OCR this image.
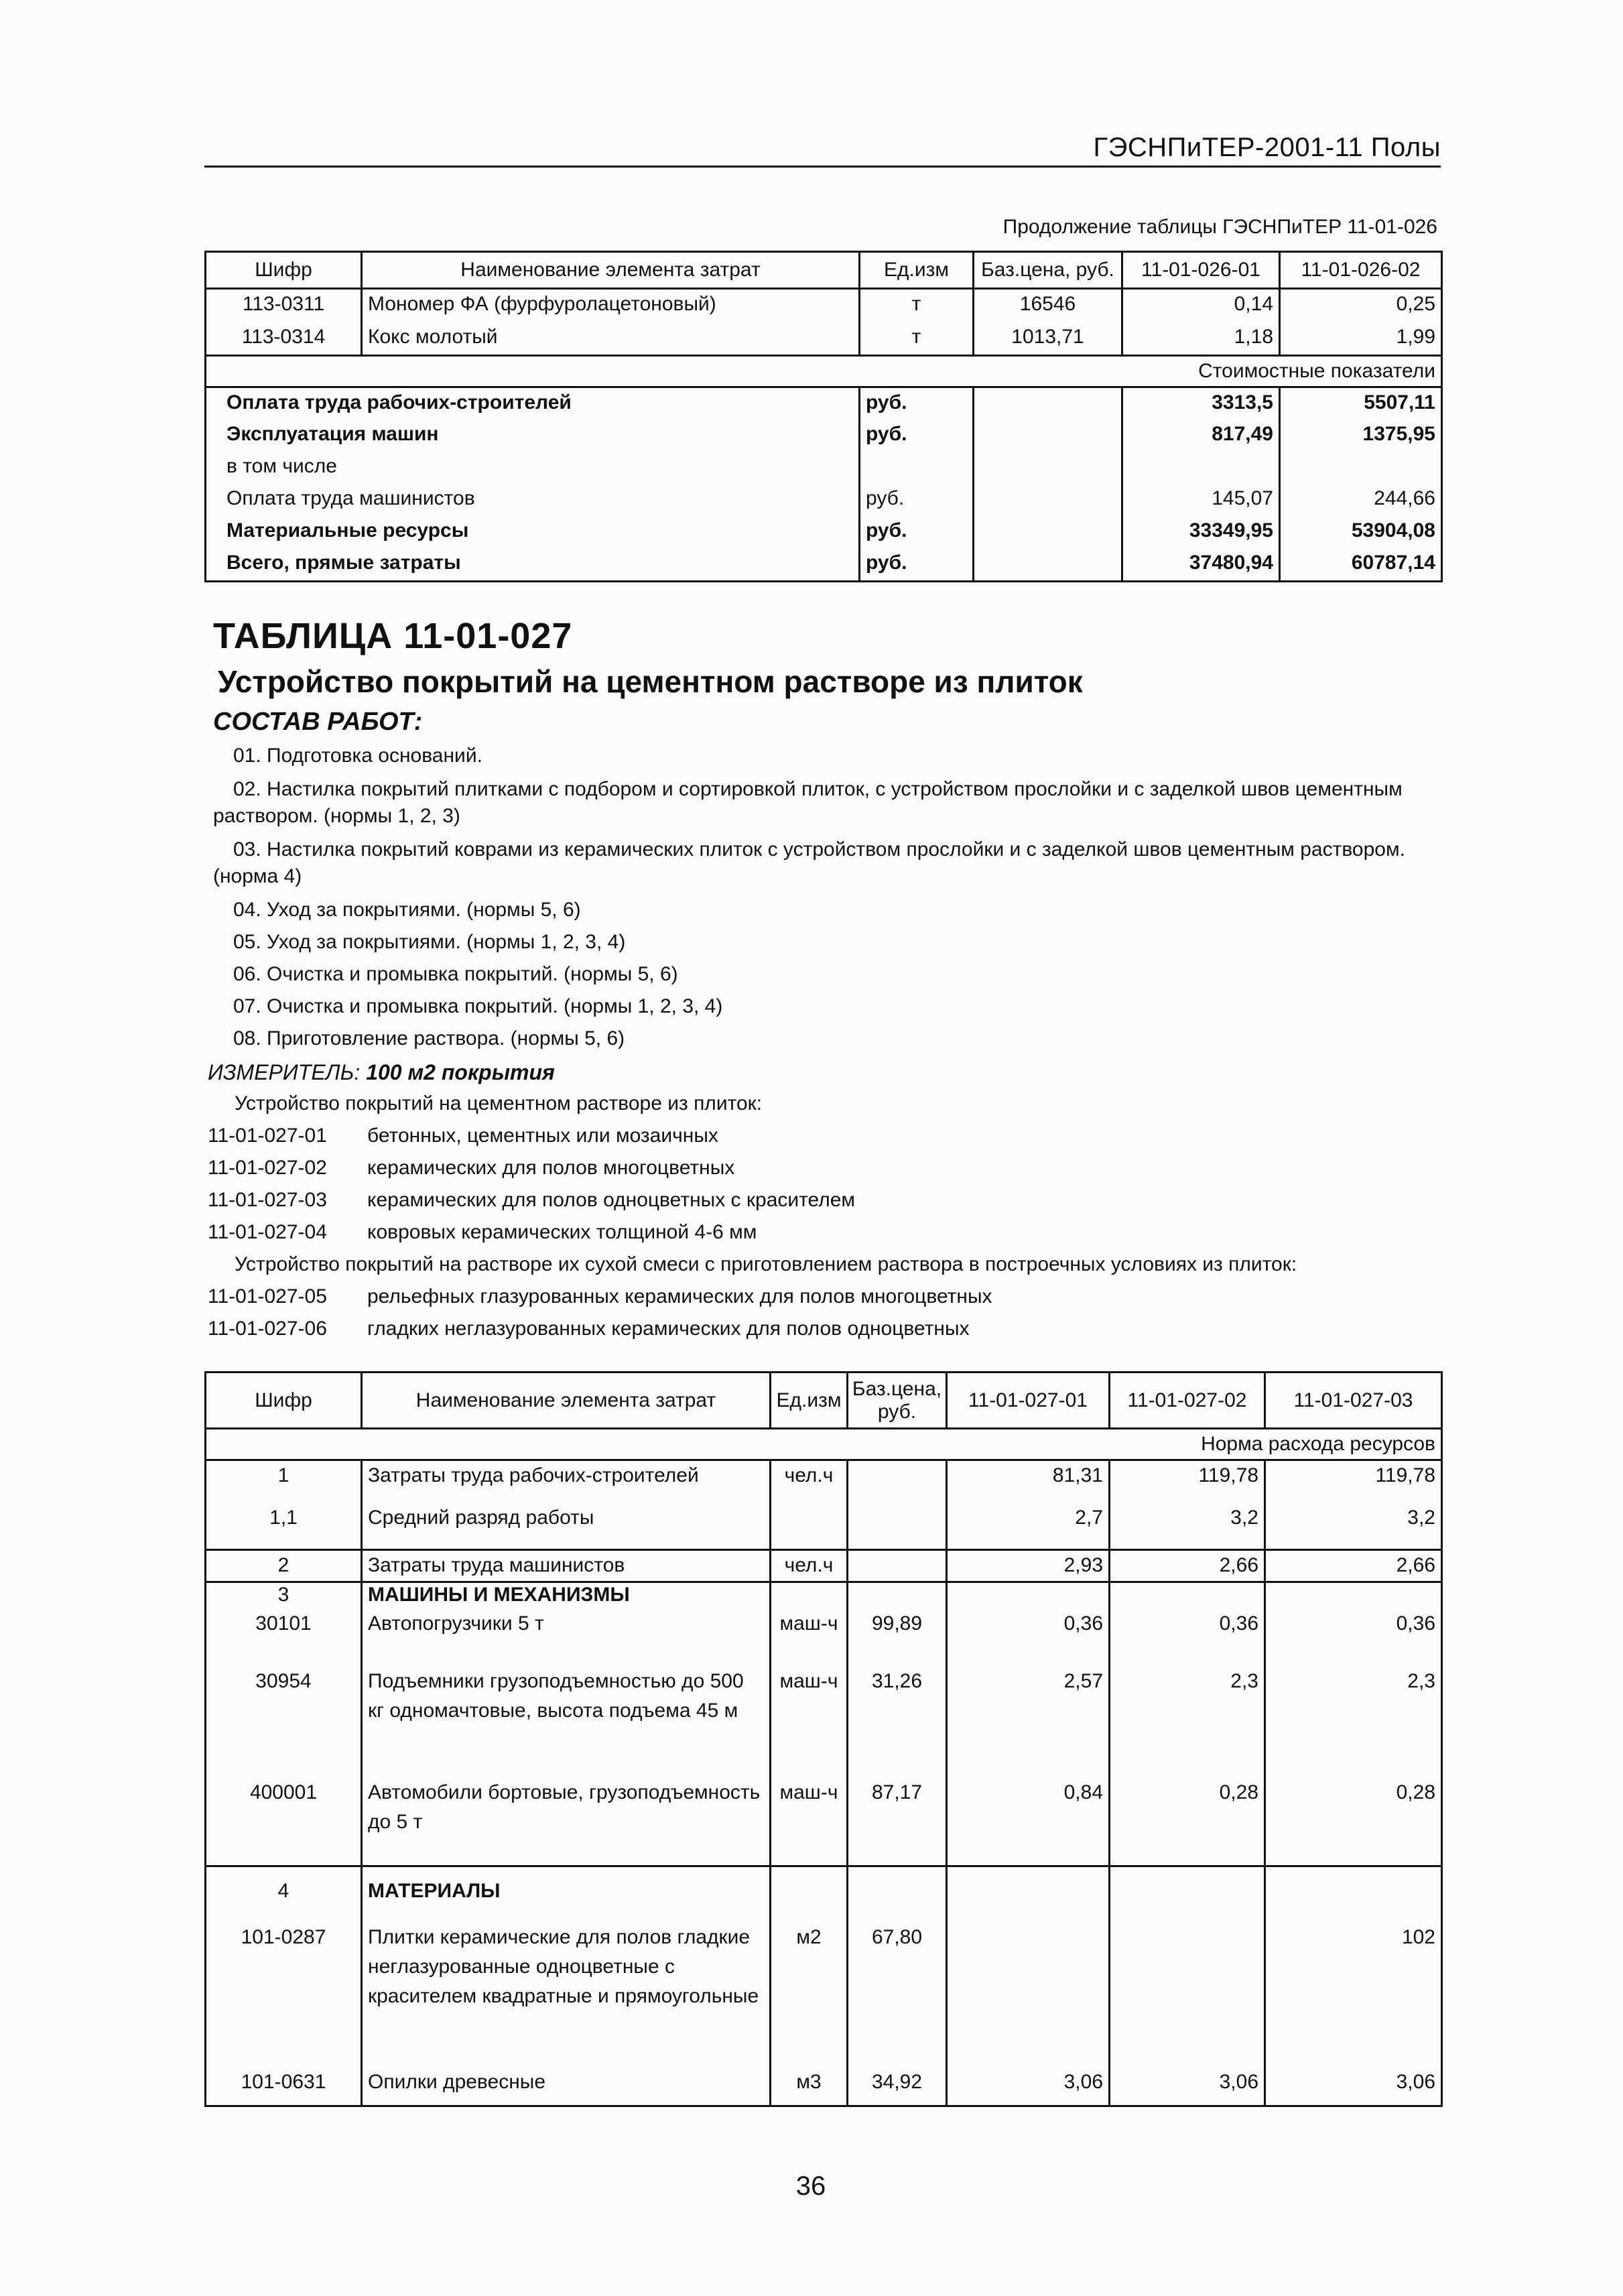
ГЭСНПиТЕР-2001-11 Полы
Продолжение таблицы ГЭСНПиТЕР 11-01-026
Шифр	Наименование элемента затрат	Ед.изм	Баз.цена, руб.	11-01-026-01	11-01-026-02
113-0311	Мономер ФА (фурфуролацетоновый)	т	16546	0,14	0,25
113-0314	Кокс молотый	т	1013,71	1,18	1,99
Стоимостные показатели					
Оплата труда рабочих-строителей		руб.		3313,5	5507,11
Эксплуатация машин		руб.		817,49	1375,95
в том числе					
Оплата труда машинистов		руб.		145,07	244,66
Материальные ресурсы		руб.		33349,95	53904,08
Всего, прямые затраты		руб.		37480,94	60787,14
ТАБЛИЦА 11-01-027
Устройство покрытий на цементном растворе из плиток
СОСТАВ РАБОТ:
01. Подготовка оснований.
02. Настилка покрытий плитками с подбором и сортировкой плиток, с устройством прослойки и с заделкой швов цементным раствором. (нормы 1, 2, 3)
03. Настилка покрытий коврами из керамических плиток с устройством прослойки и с заделкой швов цементным раствором. (норма 4)
04. Уход за покрытиями. (нормы 5, 6)
05. Уход за покрытиями. (нормы 1, 2, 3, 4)
06. Очистка и промывка покрытий. (нормы 5, 6)
07. Очистка и промывка покрытий. (нормы 1, 2, 3, 4)
08. Приготовление раствора. (нормы 5, 6)
ИЗМЕРИТЕЛЬ: 100 м2 покрытия
Устройство покрытий на цементном растворе из плиток:
11-01-027-01 бетонных, цементных или мозаичных
11-01-027-02 керамических для полов многоцветных
11-01-027-03 керамических для полов одноцветных с красителем
11-01-027-04 ковровых керамических толщиной 4-6 мм
Устройство покрытий на растворе их сухой смеси с приготовлением раствора в построечных условиях из плиток:
11-01-027-05 рельефных глазурованных керамических для полов многоцветных
11-01-027-06 гладких неглазурованных керамических для полов одноцветных
Шифр	Наименование элемента затрат	Ед.изм	Баз.цена, руб.	11-01-027-01	11-01-027-02	11-01-027-03
Норма расхода ресурсов						
1	Затраты труда рабочих-строителей	чел.ч		81,31	119,78	119,78
1,1	Средний разряд работы			2,7	3,2	3,2
2	Затраты труда машинистов	чел.ч		2,93	2,66	2,66
3	МАШИНЫ И МЕХАНИЗМЫ					
30101	Автопогрузчики 5 т	маш-ч	99,89	0,36	0,36	0,36
30954	Подъемники грузоподъемностью до 500 кг одномачтовые, высота подъема 45 м	маш-ч	31,26	2,57	2,3	2,3
400001	Автомобили бортовые, грузоподъемность до 5 т	маш-ч	87,17	0,84	0,28	0,28
4	МАТЕРИАЛЫ					
101-0287	Плитки керамические для полов гладкие неглазурованные одноцветные с красителем квадратные и прямоугольные	м2	67,80			102
101-0631	Опилки древесные	м3	34,92	3,06	3,06	3,06
36
